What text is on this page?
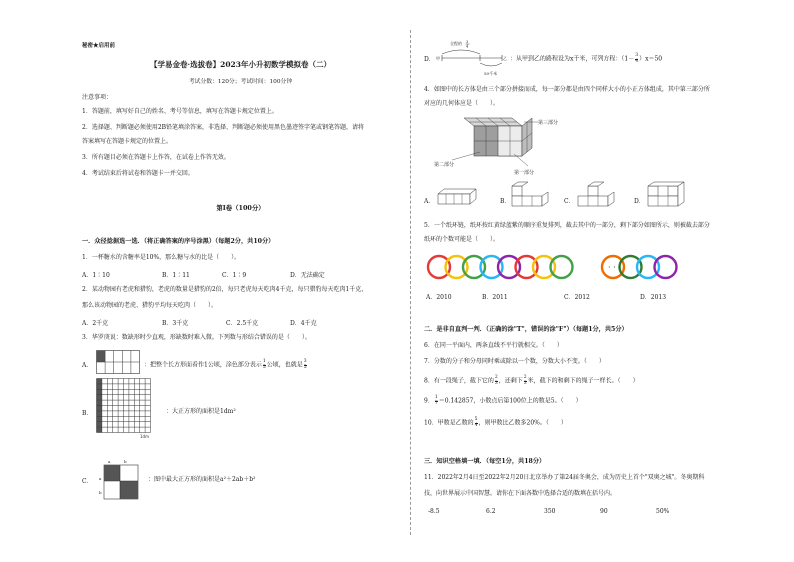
秘密★启用前
【学易金卷·选拔卷】2023年小升初数学模拟卷（二）
考试分数：120分；考试时间：100分钟
注意事项：
1．答题前，填写好自己的姓名、考号等信息，填写在答题卡规定位置上。
2．选择题、判断题必须使用2B铅笔填涂答案，非选择、判断题必须使用黑色墨迹签字笔或钢笔答题，请将
答案填写在答题卡规定的位置上。
3．所有题目必须在答题卡上作答，在试卷上作答无效。
4．考试结束后将试卷和答题卡一并交回。
第Ⅰ卷（100分）
一．众径捻据选一选．（将正确答案的序号涂黑）（每题2分，共10分）
1．一杯糖水的含糖率是10%，那么糖与水的比是（　　）。
A．1∶10	B．1∶11	C．1∶9	D．无法确定
2．某动物园有老虎和猎豹，老虎的数量是猎豹的2倍，每只老虎每天吃肉4千克，每只猎豹每天吃肉1千克，
那么该动物园的老虎、猎豹平均每天吃肉（　　）。
A．2千克	B．3千克	C．2.5千克	D．4千克
3．华罗庚说：数缺形时少直观，形缺数时难入微。下列数与形结合错误的是（　　）。
A．	：把整个长方形面看作1公顷，涂色部分表示 $\frac{1}{5}$ 公顷，也就是 $\frac{3}{5}$
B．
1dm
：大正方形的面积是1dm²
C．
a	b
a
b
：图中最大正方形的面积是a²＋2ab＋b²
D．
全程的 3
4
甲	乙
50千米
：从甲到乙的路程设为x千米，可列方程：$(1- \frac{3}{4} )x=50$
4．如图中的长方体是由三个部分拼接而成，每一部分都是由四个同样大小的小正方体组成，其中第三部分所
对应的几何体应是（　　）。
第三部分
第二部分
第一部分
A．	B．	C．	D．
5．一个纸环链，纸环按红黄绿蓝紫的顺序重复排列，截去其中的一部分，剩下部分如图所示，则被截去部分
纸环的个数可能是（　　）。
· · ·
A．2010	B．2011	C．2012	D．2013
二．是非自直判一判．（正确的涂"T"，错误的涂"F"）（每题1分，共5分）
6．在同一平面内，两条直线不平行就相交。（　　）
7．分数的分子和分母同时乘或除以一个数，分数大小不变。（　　）
8．有一段绳子，截下它的 $\frac{2}{3}$ ，还剩下 $\frac{2}{3}$ 米，截下的和剩下的绳子一样长。（　　）
9． $\frac{1}{7}$ ＝0.1̇4285̇7，小数点后第100位上的数是5。（　　）
10．甲数是乙数的 $\frac{5}{4}$ ，则甲数比乙数多20%。（　　）
三．知识空格填一填．（每空1分，共18分）
11．2022年2月4日至2022年2月20日北京举办了第24届冬奥会，成为历史上首个"双奥之城"。冬奥期科
技，向世界展示中国智慧。请你在下面各数中选择合适的数填在括号内。
-8.5	6.2	350	90	50%
